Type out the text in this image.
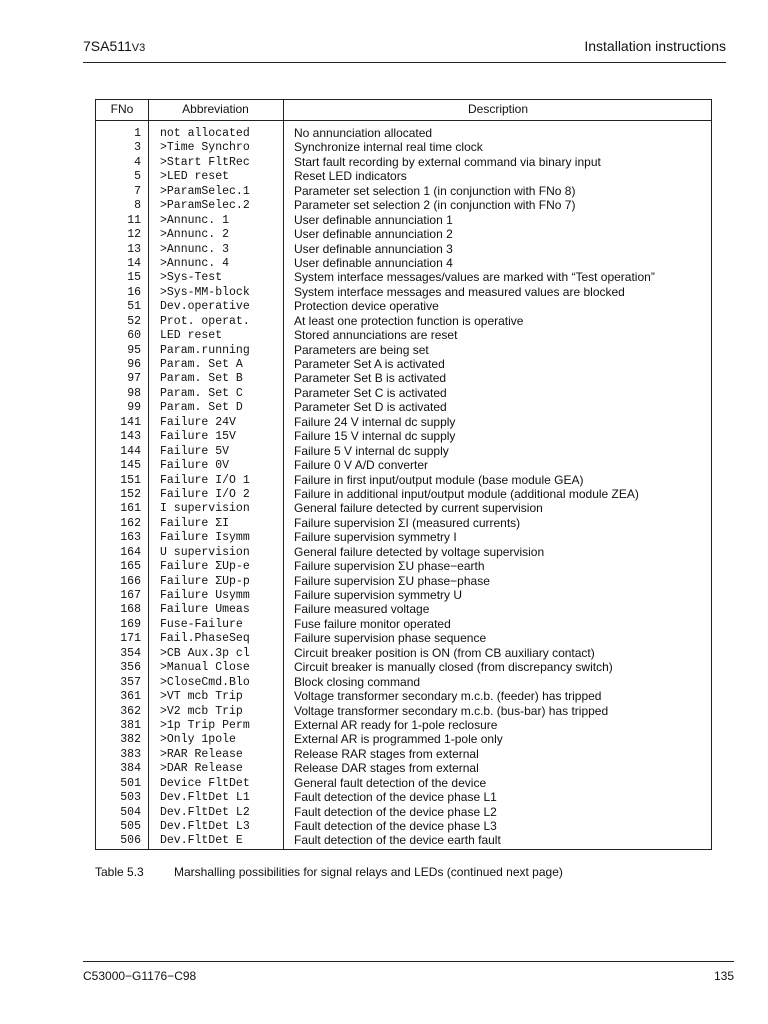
7SA511V3	Installation instructions
FNo	Abbreviation	Description
1 not allocated	No annunciation allocated
3 >Time Synchro	Synchronize internal real time clock
4 >Start FltRec	Start fault recording by external command via binary input
5 >LED reset	Reset LED indicators
7 >ParamSelec.1	Parameter set selection 1 (in conjunction with FNo 8)
8 >ParamSelec.2	Parameter set selection 2 (in conjunction with FNo 7)
11 >Annunc. 1	User definable annunciation 1
12 >Annunc. 2	User definable annunciation 2
13 >Annunc. 3	User definable annunciation 3
14 >Annunc. 4	User definable annunciation 4
15 >Sys-Test	System interface messages/values are marked with “Test operation”
16 >Sys-MM-block	System interface messages and measured values are blocked
51 Dev.operative	Protection device operative
52 Prot. operat.	At least one protection function is operative
60 LED reset	Stored annunciations are reset
95 Param.running	Parameters are being set
96 Param. Set A	Parameter Set A is activated
97 Param. Set B	Parameter Set B is activated
98 Param. Set C	Parameter Set C is activated
99 Param. Set D	Parameter Set D is activated
141 Failure 24V	Failure 24 V internal dc supply
143 Failure 15V	Failure 15 V internal dc supply
144 Failure 5V	Failure 5 V internal dc supply
145 Failure 0V	Failure 0 V A/D converter
151 Failure I/O 1	Failure in first input/output module (base module GEA)
152 Failure I/O 2	Failure in additional input/output module (additional module ZEA)
161 I supervision	General failure detected by current supervision
162 Failure ΣI	Failure supervision ΣI (measured currents)
163 Failure Isymm	Failure supervision symmetry I
164 U supervision	General failure detected by voltage supervision
165 Failure ΣUp-e	Failure supervision ΣU phase−earth
166 Failure ΣUp-p	Failure supervision ΣU phase−phase
167 Failure Usymm	Failure supervision symmetry U
168 Failure Umeas	Failure measured voltage
169 Fuse-Failure	Fuse failure monitor operated
171 Fail.PhaseSeq	Failure supervision phase sequence
354 >CB Aux.3p cl	Circuit breaker position is ON (from CB auxiliary contact)
356 >Manual Close	Circuit breaker is manually closed (from discrepancy switch)
357 >CloseCmd.Blo	Block closing command
361 >VT mcb Trip	Voltage transformer secondary m.c.b. (feeder) has tripped
362 >V2 mcb Trip	Voltage transformer secondary m.c.b. (bus-bar) has tripped
381 >1p Trip Perm	External AR ready for 1-pole reclosure
382 >Only 1pole	External AR is programmed 1-pole only
383 >RAR Release	Release RAR stages from external
384 >DAR Release	Release DAR stages from external
501 Device FltDet	General fault detection of the device
503 Dev.FltDet L1	Fault detection of the device phase L1
504 Dev.FltDet L2	Fault detection of the device phase L2
505 Dev.FltDet L3	Fault detection of the device phase L3
506 Dev.FltDet E	Fault detection of the device earth fault
Table 5.3	Marshalling possibilities for signal relays and LEDs (continued next page)
C53000−G1176−C98	135
